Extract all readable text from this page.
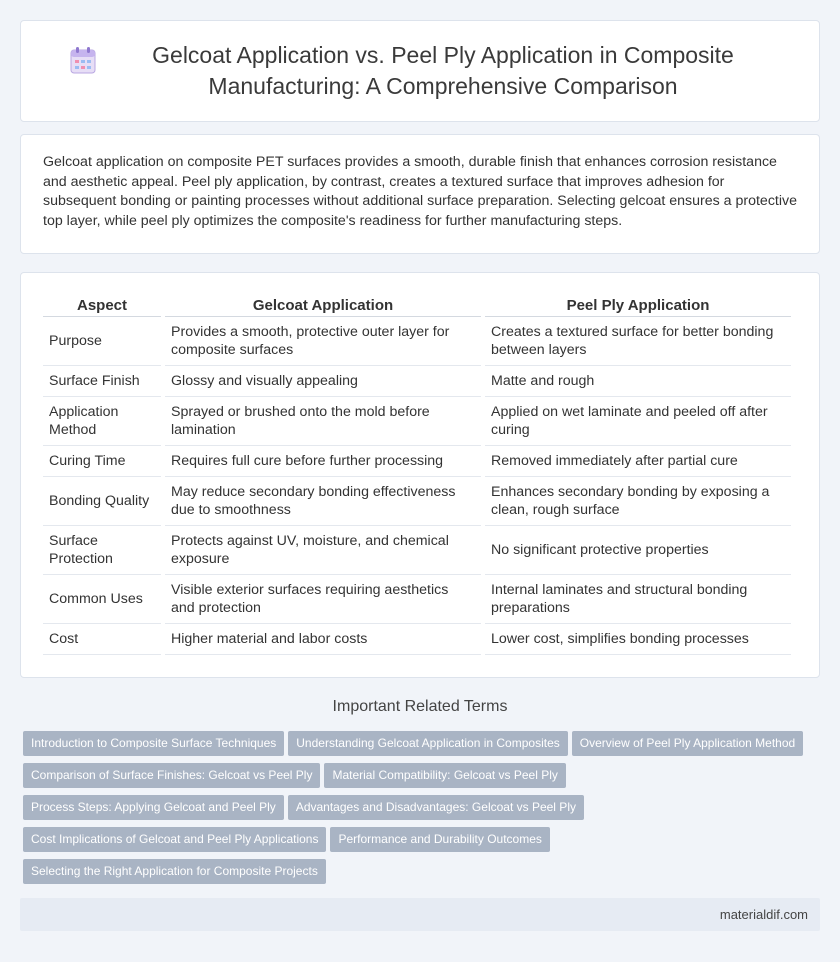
Gelcoat Application vs. Peel Ply Application in Composite Manufacturing: A Comprehensive Comparison

Gelcoat application on composite PET surfaces provides a smooth, durable finish that enhances corrosion resistance and aesthetic appeal. Peel ply application, by contrast, creates a textured surface that improves adhesion for subsequent bonding or painting processes without additional surface preparation. Selecting gelcoat ensures a protective top layer, while peel ply optimizes the composite's readiness for further manufacturing steps.

Aspect	Gelcoat Application	Peel Ply Application
Purpose	Provides a smooth, protective outer layer for composite surfaces	Creates a textured surface for better bonding between layers
Surface Finish	Glossy and visually appealing	Matte and rough
Application Method	Sprayed or brushed onto the mold before lamination	Applied on wet laminate and peeled off after curing
Curing Time	Requires full cure before further processing	Removed immediately after partial cure
Bonding Quality	May reduce secondary bonding effectiveness due to smoothness	Enhances secondary bonding by exposing a clean, rough surface
Surface Protection	Protects against UV, moisture, and chemical exposure	No significant protective properties
Common Uses	Visible exterior surfaces requiring aesthetics and protection	Internal laminates and structural bonding preparations
Cost	Higher material and labor costs	Lower cost, simplifies bonding processes
Important Related Terms
Introduction to Composite Surface Techniques Understanding Gelcoat Application in Composites Overview of Peel Ply Application Method
Comparison of Surface Finishes: Gelcoat vs Peel Ply Material Compatibility: Gelcoat vs Peel Ply
Process Steps: Applying Gelcoat and Peel Ply Advantages and Disadvantages: Gelcoat vs Peel Ply
Cost Implications of Gelcoat and Peel Ply Applications Performance and Durability Outcomes
Selecting the Right Application for Composite Projects
materialdif.com
